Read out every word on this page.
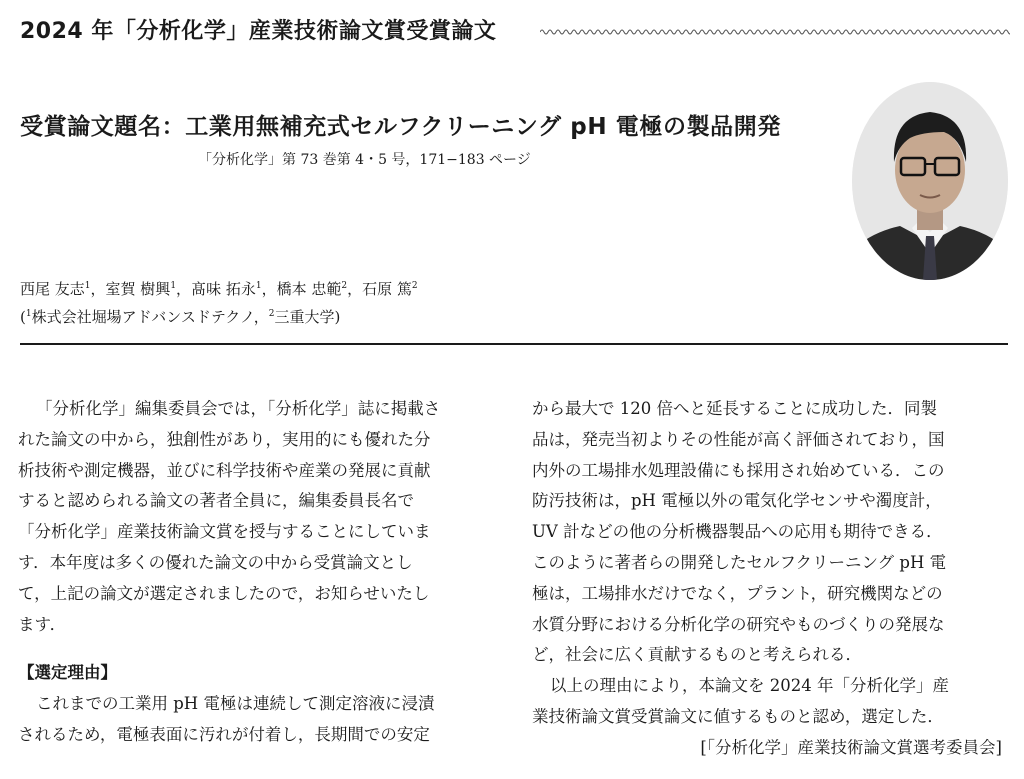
2024 年「分析化学」産業技術論文賞受賞論文
受賞論文題名：工業用無補充式セルフクリーニング pH 電極の製品開発
「分析化学」第 73 巻第 4・5 号，171−183 ページ
西尾 友志$^1$，室賀 樹興$^1$，髙味 拓永$^1$，橋本 忠範$^2$，石原 篤$^2$
($^1$株式会社堀場アドバンスドテクノ，$^2$三重大学)
「分析化学」編集委員会では，「分析化学」誌に掲載さ
れた論文の中から，独創性があり，実用的にも優れた分
析技術や測定機器，並びに科学技術や産業の発展に貢献
すると認められる論文の著者全員に，編集委員長名で
「分析化学」産業技術論文賞を授与することにしていま
す．本年度は多くの優れた論文の中から受賞論文とし
て，上記の論文が選定されましたので，お知らせいたし
ます．
【選定理由】
これまでの工業用 pH 電極は連続して測定溶液に浸漬
されるため，電極表面に汚れが付着し，長期間での安定
から最大で 120 倍へと延長することに成功した．同製
品は，発売当初よりその性能が高く評価されており，国
内外の工場排水処理設備にも採用され始めている．この
防汚技術は，pH 電極以外の電気化学センサや濁度計，
UV 計などの他の分析機器製品への応用も期待できる．
このように著者らの開発したセルフクリーニング pH 電
極は，工場排水だけでなく，プラント，研究機関などの
水質分野における分析化学の研究やものづくりの発展な
ど，社会に広く貢献するものと考えられる．
以上の理由により，本論文を 2024 年「分析化学」産
業技術論文賞受賞論文に値するものと認め，選定した．
[「分析化学」産業技術論文賞選考委員会]
